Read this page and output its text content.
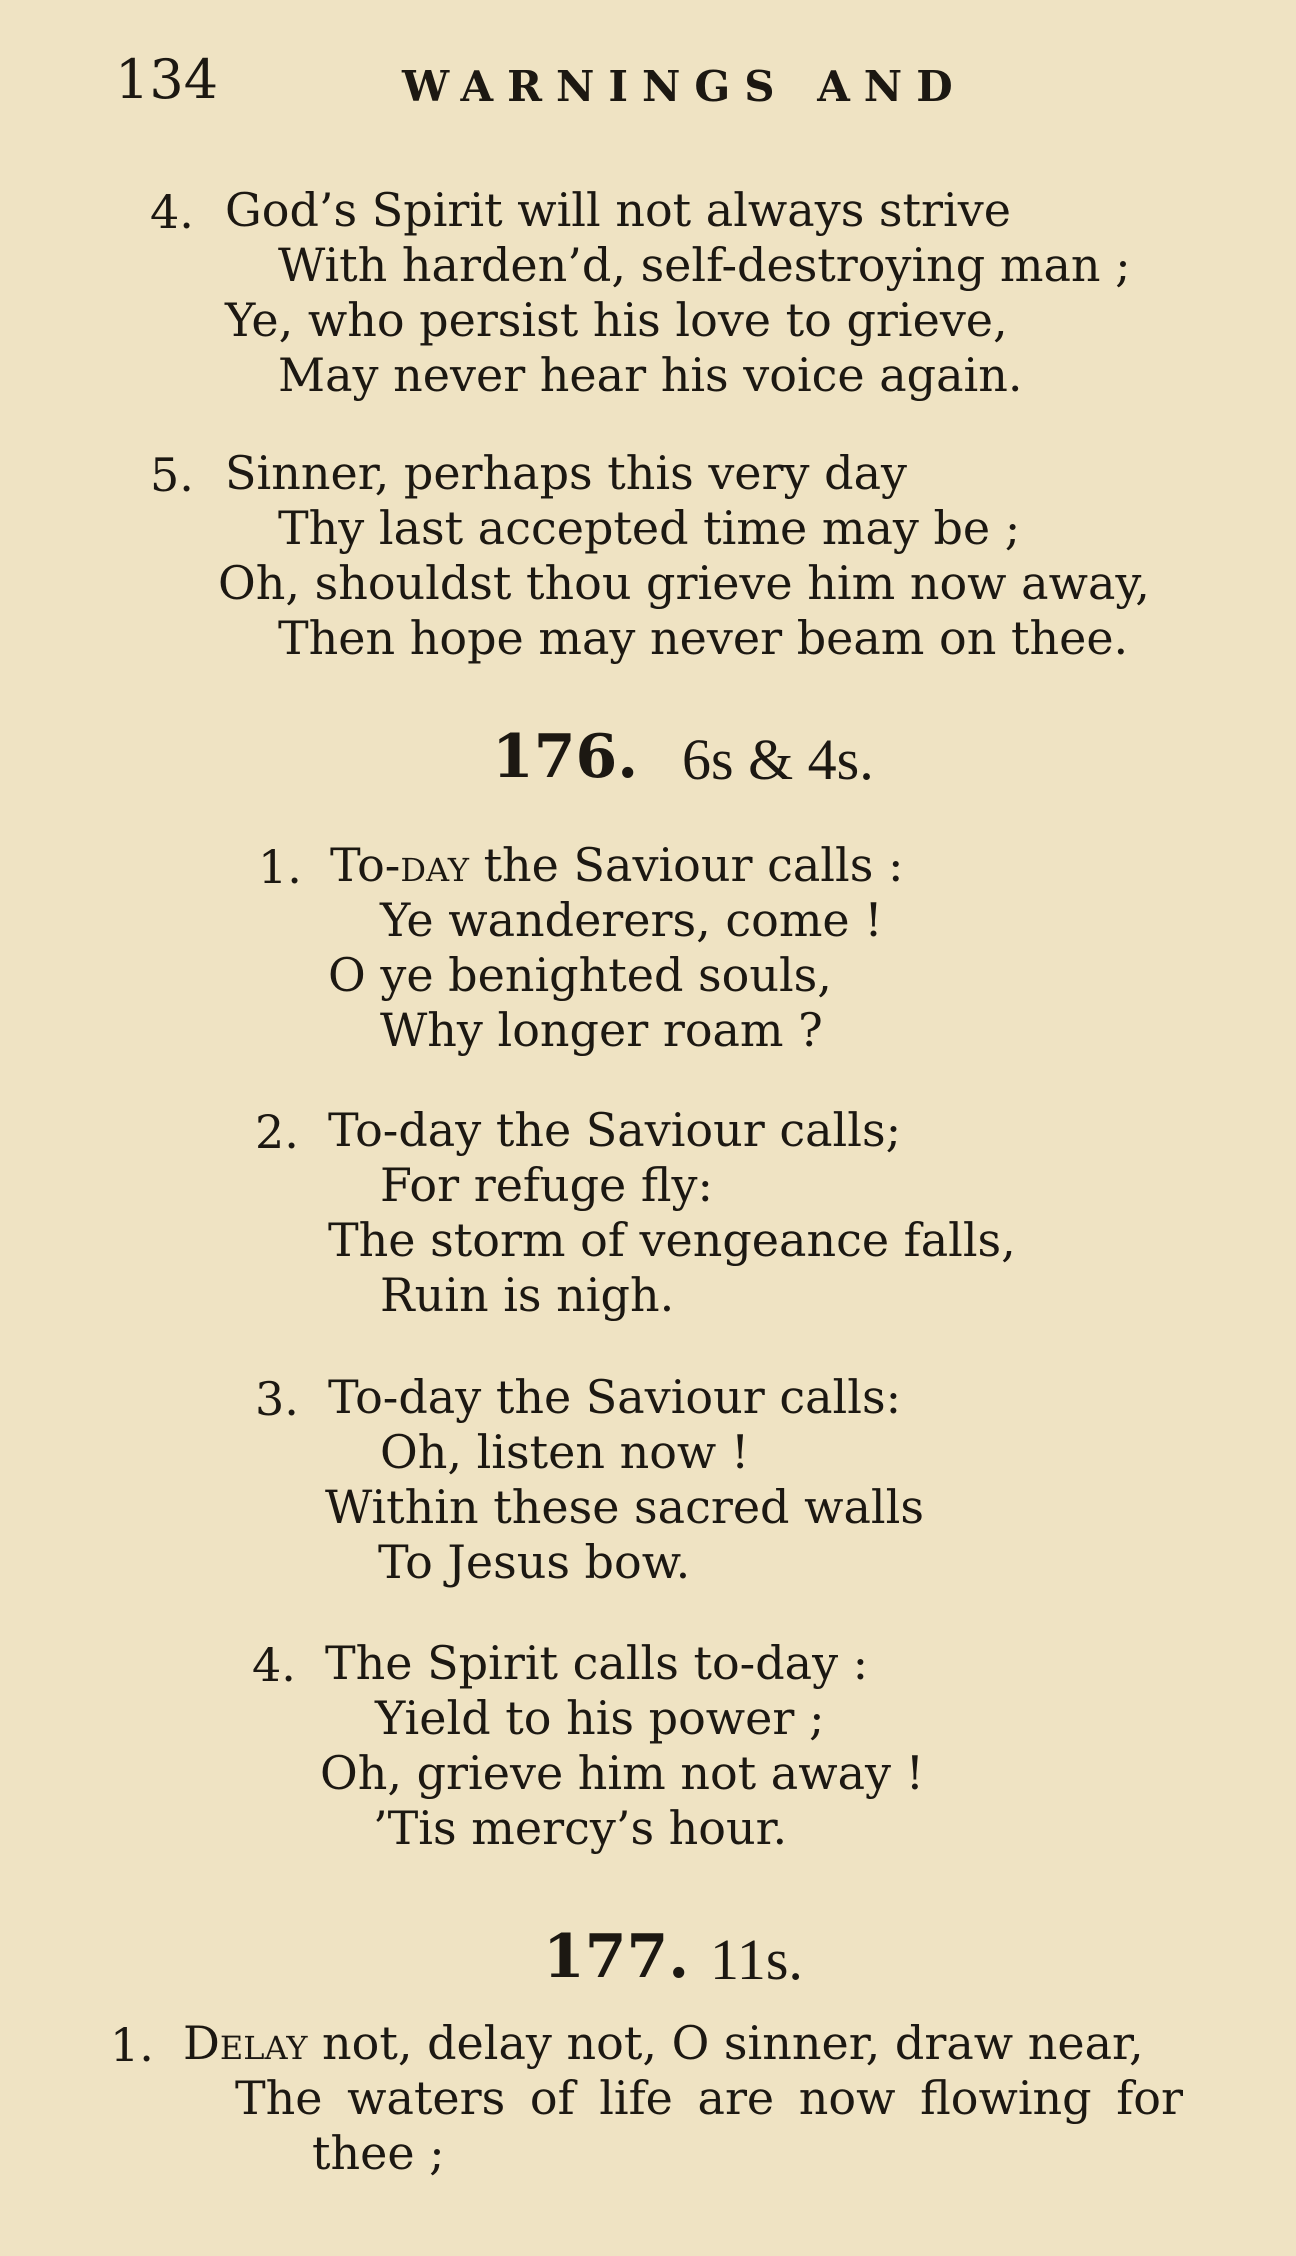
134	WARNINGS AND
4. God’s Spirit will not always strive
With harden’d, self-destroying man ;
Ye, who persist his love to grieve,
May never hear his voice again.
5. Sinner, perhaps this very day
Thy last accepted time may be ;
Oh, shouldst thou grieve him now away,
Then hope may never beam on thee.
176. 6s & 4s.
1. To-day the Saviour calls :
Ye wanderers, come !
O ye benighted souls,
Why longer roam ?
2. To-day the Saviour calls;
For refuge fly:
The storm of vengeance falls,
Ruin is nigh.
3. To-day the Saviour calls:
Oh, listen now !
Within these sacred walls
To Jesus bow.
4. The Spirit calls to-day :
Yield to his power ;
Oh, grieve him not away !
’Tis mercy’s hour.
177. 11s.
1. Delay not, delay not, O sinner, draw near,
The waters of life are now flowing for
thee ;
